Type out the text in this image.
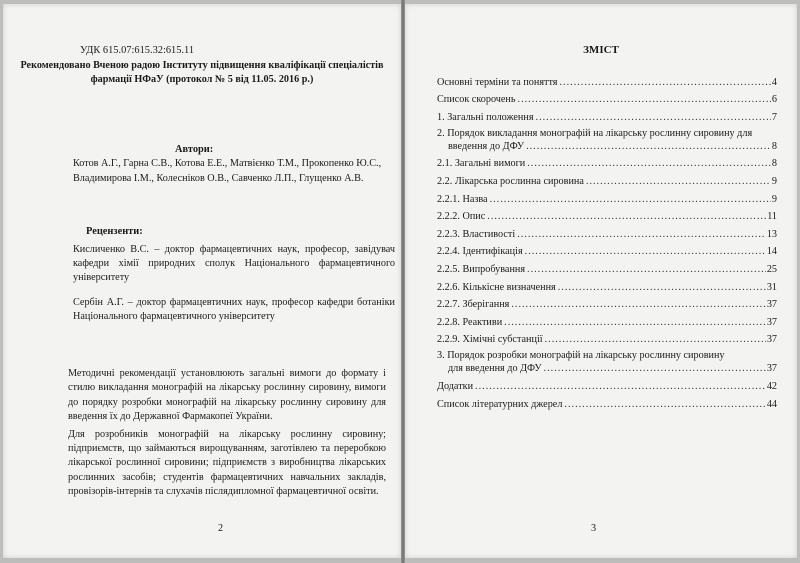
УДК 615.07:615.32:615.11
Рекомендовано Вченою радою Інституту підвищення кваліфікації спеціалістів фармації НФаУ (протокол № 5 від 11.05. 2016 р.)
Автори:
Котов А.Г., Гарна С.В., Котова Е.Е., Матвієнко Т.М., Прокопенко Ю.С., Владимирова І.М., Колесніков О.В., Савченко Л.П., Глущенко А.В.
Рецензенти:

Кисличенко В.С. – доктор фармацевтичних наук, професор, завідувач кафедри хімії природних сполук Національного фармацевтичного університету

Сербін А.Г. – доктор фармацевтичних наук, професор кафедри ботаніки Національного фармацевтичного університету

Методичні рекомендації установлюють загальні вимоги до формату і стилю викладання монографій на лікарську рослинну сировину, вимоги до порядку розробки монографій на лікарську рослинну сировину для введення їх до Державної Фармакопеї України.

Для розробників монографій на лікарську рослинну сировину; підприємств, що займаються вирощуванням, заготівлею та переробкою лікарської рослинної сировини; підприємств з виробництва лікарських рослинних засобів; студентів фармацевтичних навчальних закладів, провізорів-інтернів та слухачів післядипломної фармацевтичної освіти.

2
ЗМІСТ
Основні терміни та поняття .....	4
Список скорочень .....	6
1. Загальні положення .....	7
2. Порядок викладання монографій на лікарську рослинну сировину для
введення до ДФУ .....	8
2.1. Загальні вимоги .....	8
2.2. Лікарська рослинна сировина .....	9
2.2.1. Назва .....	9
2.2.2. Опис .....	11
2.2.3. Властивості .....	13
2.2.4. Ідентифікація .....	14
2.2.5. Випробування .....	25
2.2.6. Кількісне визначення .....	31
2.2.7. Зберігання .....	37
2.2.8. Реактиви .....	37
2.2.9. Хімічні субстанції .....	37
3. Порядок розробки монографій на лікарську рослинну сировину
для введення до ДФУ .....	37
Додатки .....	42
Список літературних джерел .....	44
3
